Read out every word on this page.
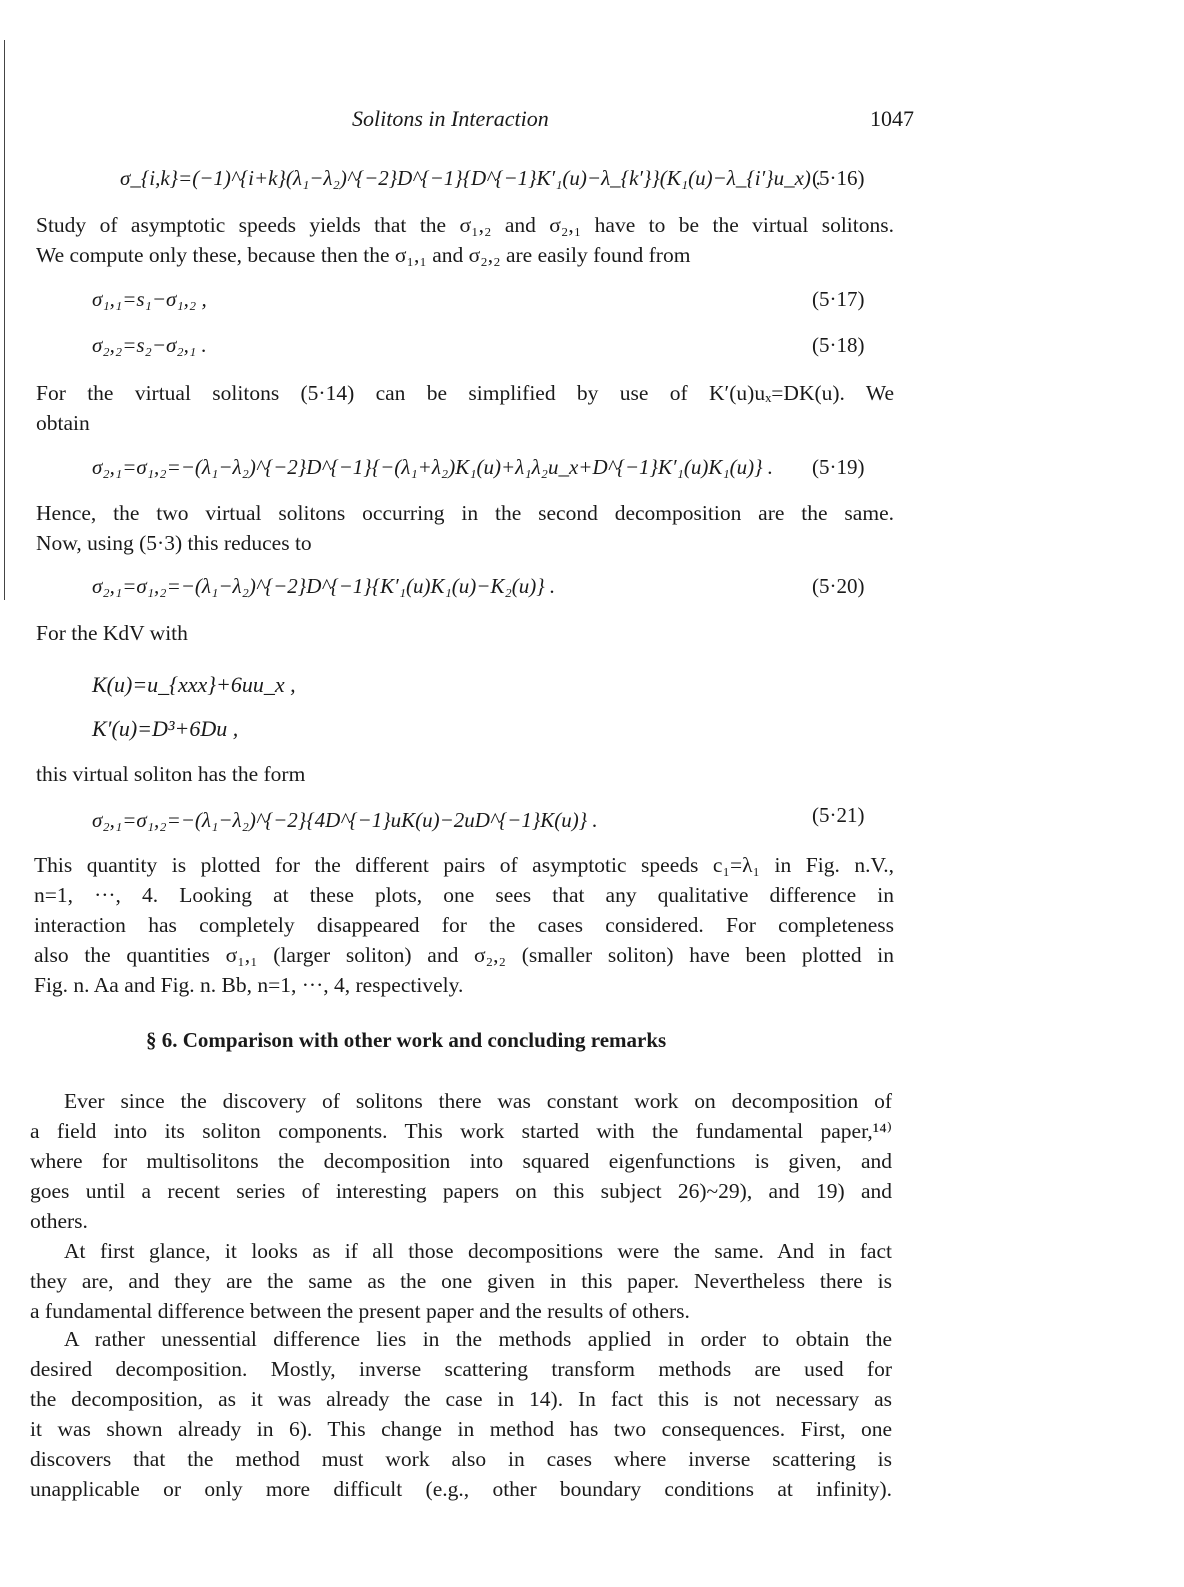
Solitons in Interaction	1047
σ_{i,k}=(−1)^{i+k}(λ₁−λ₂)^{−2}D^{−1}{D^{−1}K′₁(u)−λ_{k′}}(K₁(u)−λ_{i′}u_x) .
(5·16)
Study of asymptotic speeds yields that the σ₁,₂ and σ₂,₁ have to be the virtual solitons.
We compute only these, because then the σ₁,₁ and σ₂,₂ are easily found from
σ₁,₁=s₁−σ₁,₂ ,	(5·17)
σ₂,₂=s₂−σ₂,₁ .	(5·18)
For the virtual solitons (5·14) can be simplified by use of K′(u)uₓ=DK(u). We
obtain
σ₂,₁=σ₁,₂=−(λ₁−λ₂)^{−2}D^{−1}{−(λ₁+λ₂)K₁(u)+λ₁λ₂u_x+D^{−1}K′₁(u)K₁(u)} . (5·19)
Hence, the two virtual solitons occurring in the second decomposition are the same.
Now, using (5·3) this reduces to
σ₂,₁=σ₁,₂=−(λ₁−λ₂)^{−2}D^{−1}{K′₁(u)K₁(u)−K₂(u)} .	(5·20)
For the KdV with
K(u)=u_{xxx}+6uu_x ,
K′(u)=D³+6Du ,
this virtual soliton has the form
σ₂,₁=σ₁,₂=−(λ₁−λ₂)^{−2}{4D^{−1}uK(u)−2uD^{−1}K(u)} .	(5·21)
This quantity is plotted for the different pairs of asymptotic speeds c₁=λ₁ in Fig. n.V.,
n=1, ···, 4. Looking at these plots, one sees that any qualitative difference in
interaction has completely disappeared for the cases considered. For completeness
also the quantities σ₁,₁ (larger soliton) and σ₂,₂ (smaller soliton) have been plotted in
Fig. n. Aa and Fig. n. Bb, n=1, ···, 4, respectively.
§ 6. Comparison with other work and concluding remarks
Ever since the discovery of solitons there was constant work on decomposition of
a field into its soliton components. This work started with the fundamental paper,¹⁴⁾
where for multisolitons the decomposition into squared eigenfunctions is given, and
goes until a recent series of interesting papers on this subject 26)~29), and 19) and
others.
At first glance, it looks as if all those decompositions were the same. And in fact
they are, and they are the same as the one given in this paper. Nevertheless there is
a fundamental difference between the present paper and the results of others.
A rather unessential difference lies in the methods applied in order to obtain the
desired decomposition. Mostly, inverse scattering transform methods are used for
the decomposition, as it was already the case in 14). In fact this is not necessary as
it was shown already in 6). This change in method has two consequences. First, one
discovers that the method must work also in cases where inverse scattering is
unapplicable or only more difficult (e.g., other boundary conditions at infinity).
